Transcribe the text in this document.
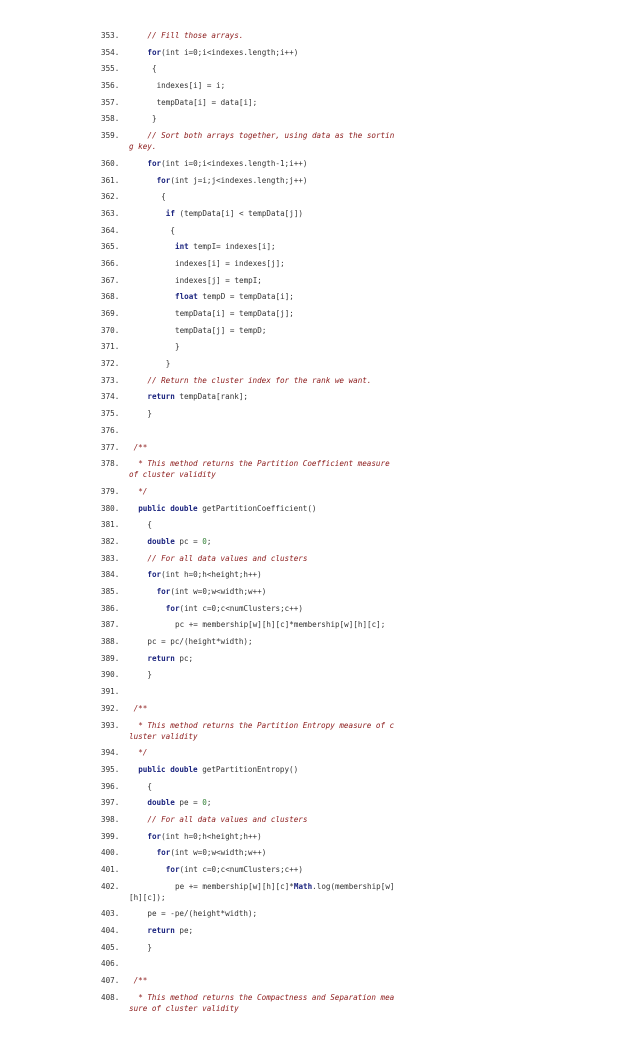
353.	// Fill those arrays.
354.	for(int i=0;i<indexes.length;i++)
355.	{
356.	indexes[i] = i;
357.	tempData[i] = data[i];
358.	}
359.	// Sort both arrays together, using data as the sorting key.
360.	for(int i=0;i<indexes.length-1;i++)
361.	for(int j=i;j<indexes.length;j++)
362.	{
363.	if (tempData[i] < tempData[j])
364.	{
365.	int tempI= indexes[i];
366.	indexes[i] = indexes[j];
367.	indexes[j] = tempI;
368.	float tempD = tempData[i];
369.	tempData[i] = tempData[j];
370.	tempData[j] = tempD;
371.	}
372.	}
373.	// Return the cluster index for the rank we want.
374.	return tempData[rank];
375.	}
376.

377.	/**
378.	* This method returns the Partition Coefficient measure of cluster validity
379.	*/
380.	public double getPartitionCoefficient()
381.	{
382.	double pc = 0;
383.	// For all data values and clusters
384.	for(int h=0;h<height;h++)
385.	for(int w=0;w<width;w++)
386.	for(int c=0;c<numClusters;c++)
387.	pc += membership[w][h][c]*membership[w][h][c];
388.	pc = pc/(height*width);
389.	return pc;
390.	}
391.

392.	/**
393.	* This method returns the Partition Entropy measure of cluster validity
394.	*/
395.	public double getPartitionEntropy()
396.	{
397.	double pe = 0;
398.	// For all data values and clusters
399.	for(int h=0;h<height;h++)
400.	for(int w=0;w<width;w++)
401.	for(int c=0;c<numClusters;c++)
402.	pe += membership[w][h][c]*Math.log(membership[w][h][c]);
403.	pe = -pe/(height*width);
404.	return pe;
405.	}
406.

407.	/**
408.	* This method returns the Compactness and Separation measure of cluster validity
